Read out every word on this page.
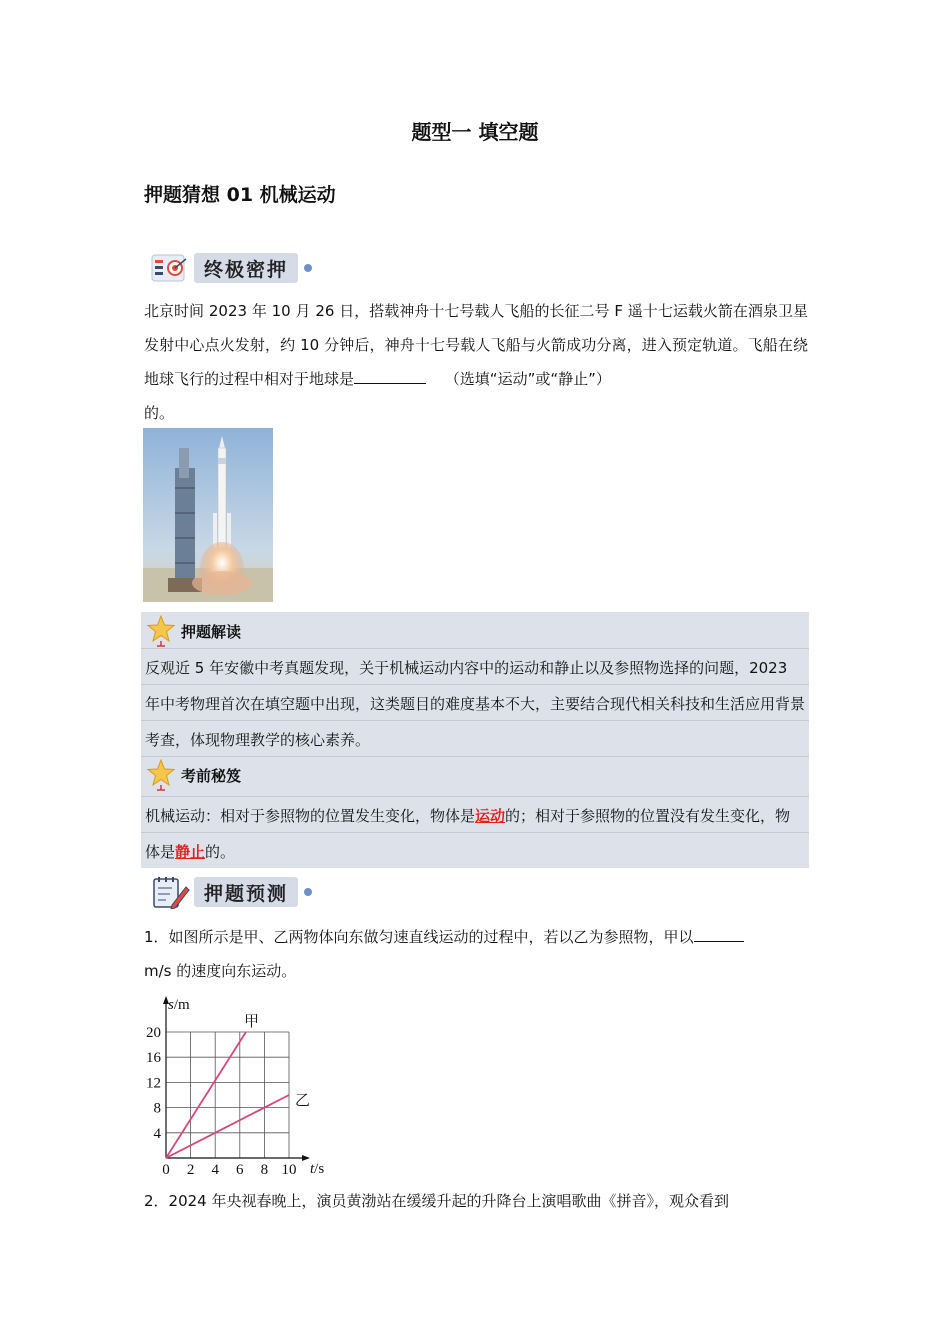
题型一 填空题
押题猜想 01 机械运动
终极密押
北京时间 2023 年 10 月 26 日，搭载神舟十七号载人飞船的长征二号 F 遥十七运载火箭在酒泉卫星发射中心点火发射，约 10 分钟后，神舟十七号载人飞船与火箭成功分离，进入预定轨道。飞船在绕地球飞行的过程中相对于地球是	（选填“运动”或“静止”）
的。
押题解读
反观近 5 年安徽中考真题发现，关于机械运动内容中的运动和静止以及参照物选择的问题，2023 年中考物理首次在填空题中出现，这类题目的难度基本不大，主要结合现代相关科技和生活应用背景考查，体现物理教学的核心素养。
考前秘笈
机械运动：相对于参照物的位置发生变化，物体是运动的；相对于参照物的位置没有发生变化，物体是静止的。
押题预测
1．如图所示是甲、乙两物体向东做匀速直线运动的过程中，若以乙为参照物，甲以
m/s 的速度向东运动。
0 2 4 6 8 10
4
8
12
16
20
甲
乙
s/m
t/s
2．2024 年央视春晚上，演员黄渤站在缓缓升起的升降台上演唱歌曲《拼音》，观众看到
